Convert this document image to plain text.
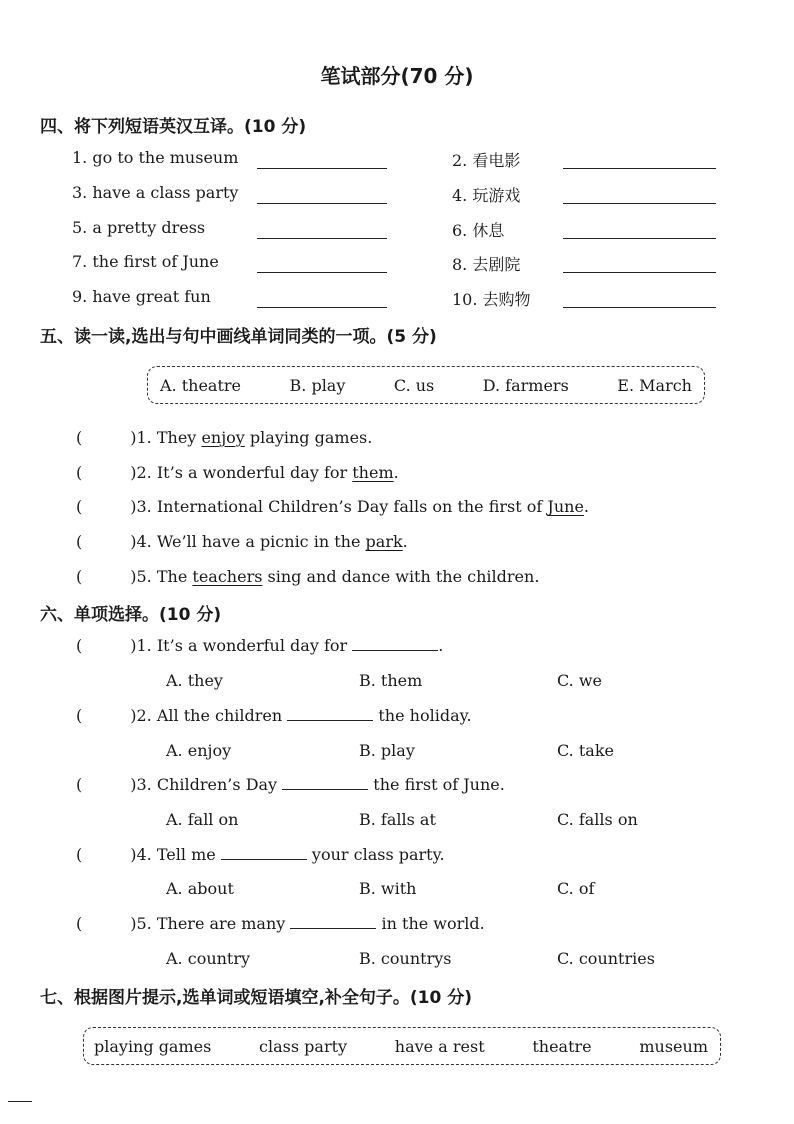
笔试部分(70 分)
四、将下列短语英汉互译。(10 分)
1. go to the museum	2. 看电影
3. have a class party	4. 玩游戏
5. a pretty dress	6. 休息
7. the first of June	8. 去剧院
9. have great fun	10. 去购物
五、读一读,选出与句中画线单词同类的一项。(5 分)
A. theatre	B. play	C. us	D. farmers	E. March
(	)1. They enjoy playing games.
(	)2. It’s a wonderful day for them.
(	)3. International Children’s Day falls on the first of June.
(	)4. We’ll have a picnic in the park.
(	)5. The teachers sing and dance with the children.
六、单项选择。(10 分)
(	)1. It’s a wonderful day for	.
A. they	B. them	C. we
(	)2. All the children	the holiday.
A. enjoy	B. play	C. take
(	)3. Children’s Day	the first of June.
A. fall on	B. falls at	C. falls on
(	)4. Tell me	your class party.
A. about	B. with	C. of
(	)5. There are many	in the world.
A. country	B. countrys	C. countries
七、根据图片提示,选单词或短语填空,补全句子。(10 分)
playing games	class party	have a rest	theatre	museum
